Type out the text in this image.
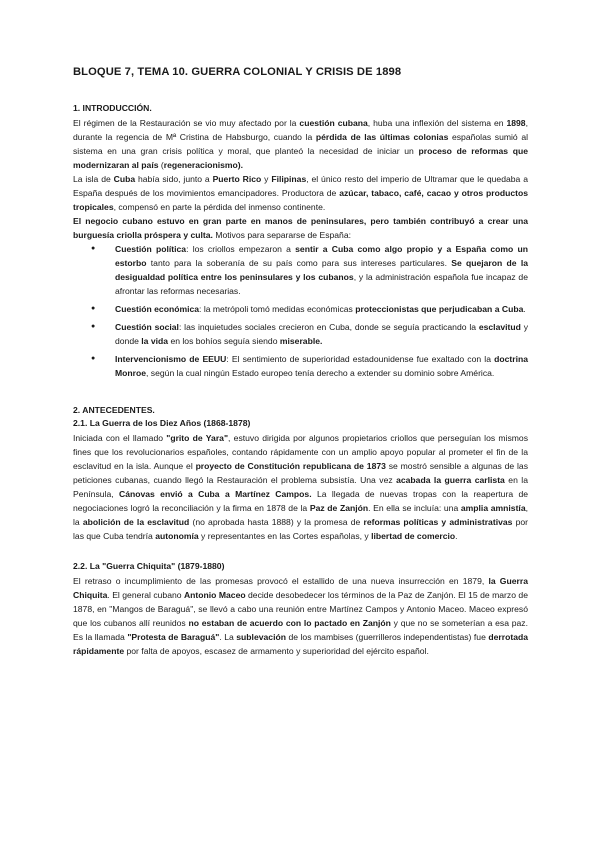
BLOQUE 7, TEMA 10. GUERRA COLONIAL Y CRISIS DE 1898
1. INTRODUCCIÓN.

El régimen de la Restauración se vio muy afectado por la cuestión cubana, huba una inflexión del sistema en 1898, durante la regencia de Mª Cristina de Habsburgo, cuando la pérdida de las últimas colonias españolas sumió al sistema en una gran crisis política y moral, que planteó la necesidad de iniciar un proceso de reformas que modernizaran al país (regeneracionismo).

La isla de Cuba había sido, junto a Puerto Rico y Filipinas, el único resto del imperio de Ultramar que le quedaba a España después de los movimientos emancipadores. Productora de azúcar, tabaco, café, cacao y otros productos tropicales, compensó en parte la pérdida del inmenso continente.

El negocio cubano estuvo en gran parte en manos de peninsulares, pero también contribuyó a crear una burguesía criolla próspera y culta. Motivos para separarse de España:

● Cuestión política: los criollos empezaron a sentir a Cuba como algo propio y a España como un estorbo tanto para la soberanía de su país como para sus intereses particulares. Se quejaron de la desigualdad política entre los peninsulares y los cubanos, y la administración española fue incapaz de afrontar las reformas necesarias.
● Cuestión económica: la metrópoli tomó medidas económicas proteccionistas que perjudicaban a Cuba.
● Cuestión social: las inquietudes sociales crecieron en Cuba, donde se seguía practicando la esclavitud y donde la vida en los bohíos seguía siendo miserable.
● Intervencionismo de EEUU: El sentimiento de superioridad estadounidense fue exaltado con la doctrina Monroe, según la cual ningún Estado europeo tenía derecho a extender su dominio sobre América.
2. ANTECEDENTES.
2.1. La Guerra de los Diez Años (1868-1878)

Iniciada con el llamado "grito de Yara", estuvo dirigida por algunos propietarios criollos que perseguían los mismos fines que los revolucionarios españoles, contando rápidamente con un amplio apoyo popular al prometer el fin de la esclavitud en la isla. Aunque el proyecto de Constitución republicana de 1873 se mostró sensible a algunas de las peticiones cubanas, cuando llegó la Restauración el problema subsistía. Una vez acabada la guerra carlista en la Península, Cánovas envió a Cuba a Martínez Campos. La llegada de nuevas tropas con la reapertura de negociaciones logró la reconciliación y la firma en 1878 de la Paz de Zanjón. En ella se incluía: una amplia amnistía, la abolición de la esclavitud (no aprobada hasta 1888) y la promesa de reformas políticas y administrativas por las que Cuba tendría autonomía y representantes en las Cortes españolas, y libertad de comercio.

2.2. La "Guerra Chiquita" (1879-1880)

El retraso o incumplimiento de las promesas provocó el estallido de una nueva insurrección en 1879, la Guerra Chiquita. El general cubano Antonio Maceo decide desobedecer los términos de la Paz de Zanjón. El 15 de marzo de 1878, en "Mangos de Baraguá", se llevó a cabo una reunión entre Martínez Campos y Antonio Maceo. Maceo expresó que los cubanos allí reunidos no estaban de acuerdo con lo pactado en Zanjón y que no se someterían a esa paz. Es la llamada "Protesta de Baraguá". La sublevación de los mambises (guerrilleros independentistas) fue derrotada rápidamente por falta de apoyos, escasez de armamento y superioridad del ejército español.
